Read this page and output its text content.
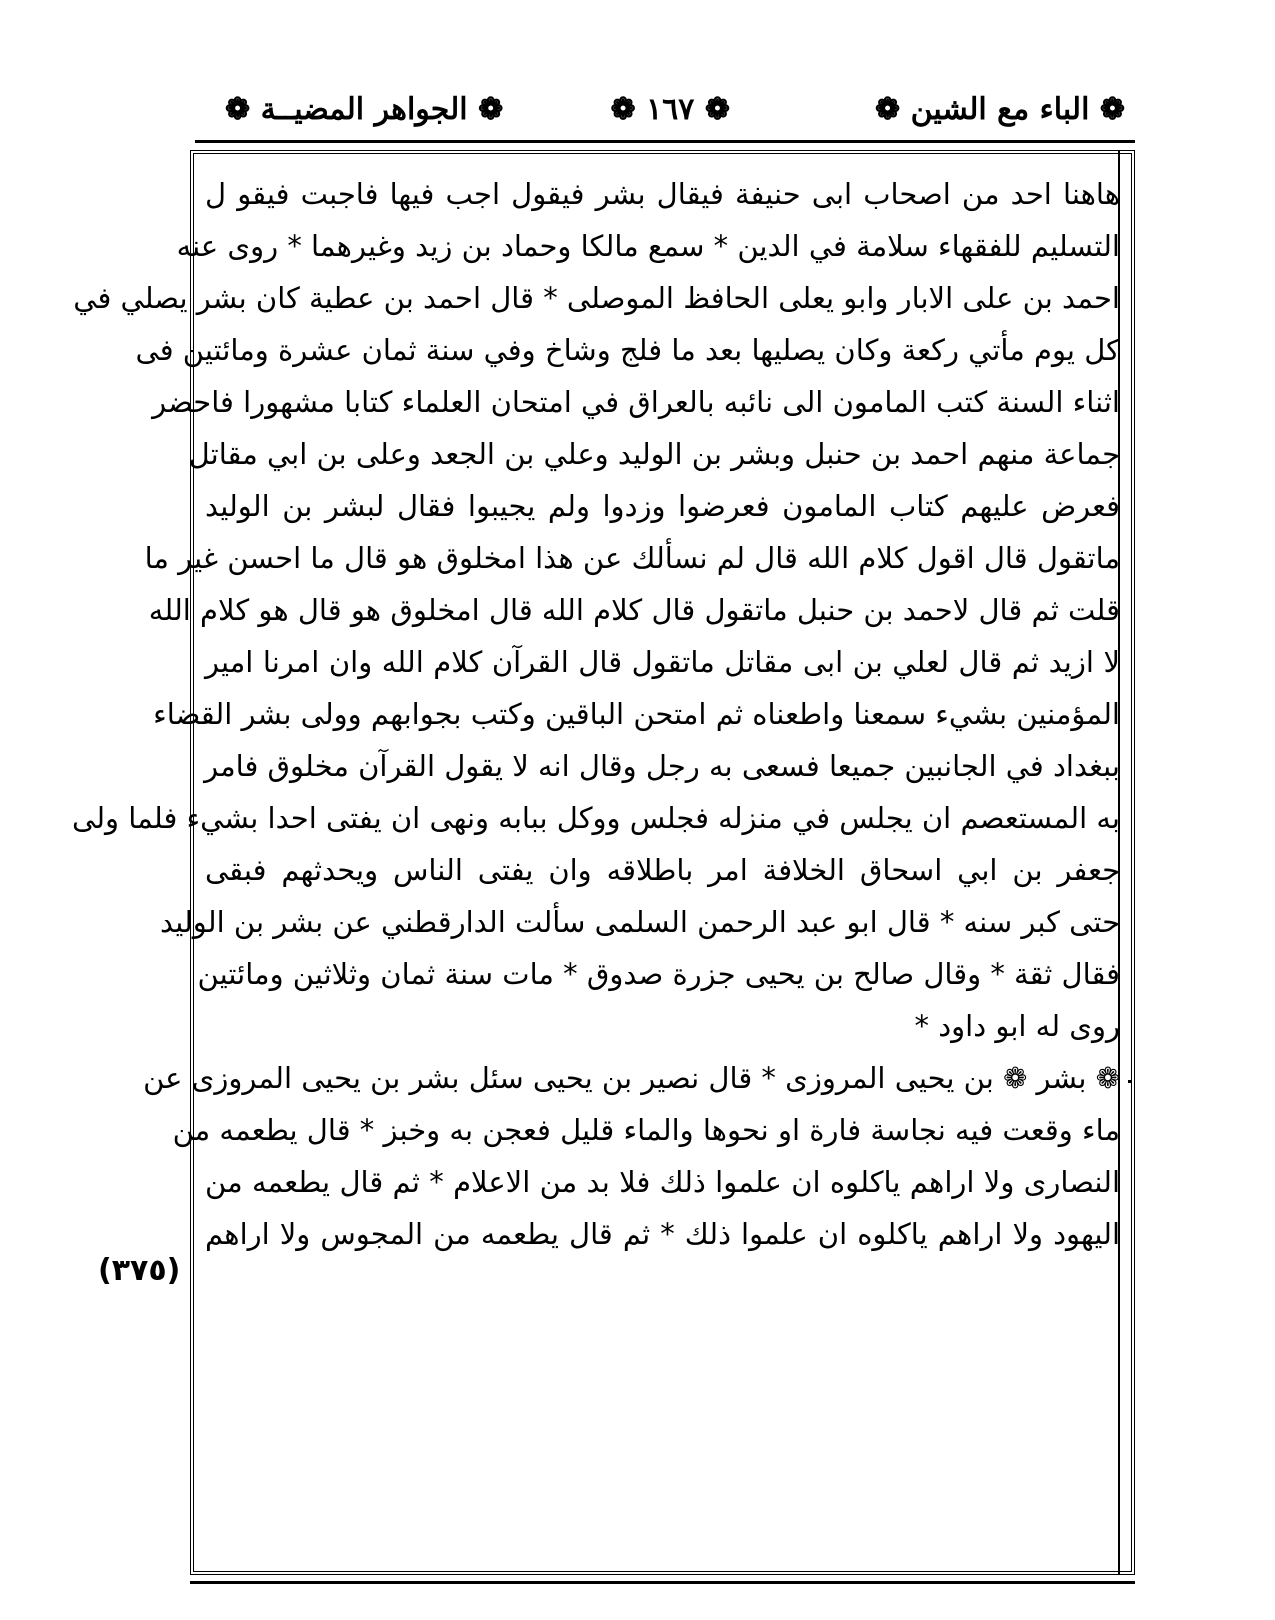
❁ الباء مع الشين ❁
❁ ١٦٧ ❁
❁ الجواهر المضيــة ❁
(٣٧٥)
هاهنا احد من اصحاب ابى حنيفة فيقال بشر فيقول اجب فيها فاجبت فيقو ل
التسليم للفقهاء سلامة في الدين * سمع مالكا وحماد بن زيد وغيرهما * روى عنه
احمد بن على الابار وابو يعلى الحافظ الموصلى * قال احمد بن عطية كان بشر يصلي في
كل يوم مأتي ركعة وكان يصليها بعد ما فلج وشاخ وفي سنة ثمان عشرة ومائتين فى
اثناء السنة كتب المامون الى نائبه بالعراق في امتحان العلماء كتابا مشهورا فاحضر
جماعة منهم احمد بن حنبل وبشر بن الوليد وعلي بن الجعد وعلى بن ابي مقاتل
فعرض عليهم كتاب المامون فعرضوا وزدوا ولم يجيبوا فقال لبشر بن الوليد
ماتقول قال اقول كلام الله قال لم نسألك عن هذا امخلوق هو قال ما احسن غير ما
قلت ثم قال لاحمد بن حنبل ماتقول قال كلام الله قال امخلوق هو قال هو كلام الله
لا ازيد ثم قال لعلي بن ابى مقاتل ماتقول قال القرآن كلام الله وان امرنا امير
المؤمنين بشيء سمعنا واطعناه ثم امتحن الباقين وكتب بجوابهم وولى بشر القضاء
ببغداد في الجانبين جميعا فسعى به رجل وقال انه لا يقول القرآن مخلوق فامر
به المستعصم ان يجلس في منزله فجلس ووكل ببابه ونهى ان يفتى احدا بشيء فلما ولى
جعفر بن ابي اسحاق الخلافة امر باطلاقه وان يفتى الناس ويحدثهم فبقى
حتى كبر سنه * قال ابو عبد الرحمن السلمى سألت الدارقطني عن بشر بن الوليد
فقال ثقة * وقال صالح بن يحيى جزرة صدوق * مات سنة ثمان وثلاثين ومائتين
روى له ابو داود *
❁ بشر ❁ بن يحيى المروزى * قال نصير بن يحيى سئل بشر بن يحيى المروزى عن
ماء وقعت فيه نجاسة فارة او نحوها والماء قليل فعجن به وخبز * قال يطعمه من
النصارى ولا اراهم ياكلوه ان علموا ذلك فلا بد من الاعلام * ثم قال يطعمه من
اليهود ولا اراهم ياكلوه ان علموا ذلك * ثم قال يطعمه من المجوس ولا اراهم
